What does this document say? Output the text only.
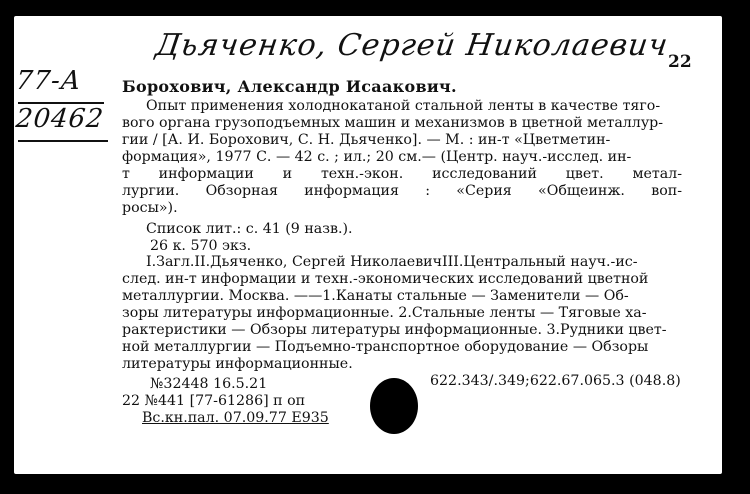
Дьяченко, Сергей Николаевич
77-А
20462
22
Борохович, Александр Исаакович.
Опыт применения холоднокатаной стальной ленты в качестве тяго-
вого органа грузоподъемных машин и механизмов в цветной металлур-
гии / [А. И. Борохович, С. Н. Дьяченко]. — М. : ин-т «Цветметин-
формация», 1977 С. — 42 с. ; ил.; 20 см.— (Центр. науч.-исслед. ин-
т информации и техн.-экон. исследований цвет. метал-
лургии. Обзорная информация : «Серия «Общеинж. воп-
росы»).
Список лит.: с. 41 (9 назв.).
26 к. 570 экз.
I.Загл.II.Дьяченко, Сергей НиколаевичIII.Центральный науч.-ис-
след. ин-т информации и техн.-экономических исследований цветной
металлургии. Москва. ——1.Канаты стальные — Заменители — Об-
зоры литературы информационные. 2.Стальные ленты — Тяговые ха-
рактеристики — Обзоры литературы информационные. 3.Рудники цвет-
ной металлургии — Подъемно-транспортное оборудование — Обзоры
литературы информационные.
№32448 16.5.21	622.343/.349;622.67.065.3 (048.8)
22 №441 [77-61286] п оп
Вс.кн.пал. 07.09.77 Е935
